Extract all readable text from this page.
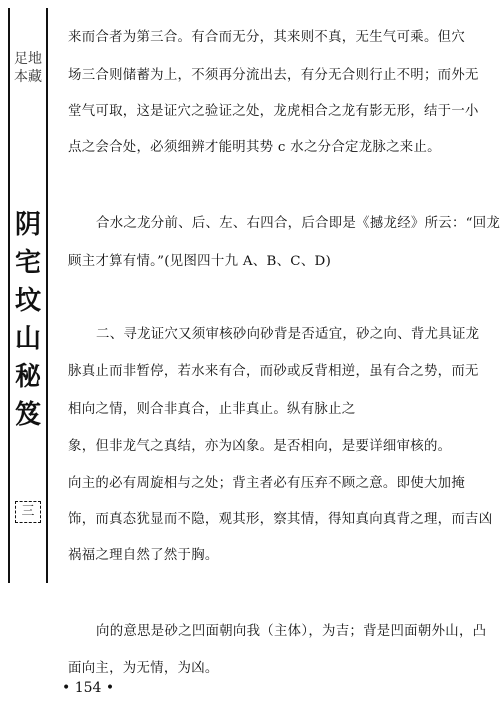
足地
本藏
阴
宅
坟
山
秘
笈
三
来而合者为第三合。有合而无分，其来则不真，无生气可乘。但穴
场三合则储蓄为上，不须再分流出去，有分无合则行止不明；而外无
堂气可取，这是证穴之验证之处，龙虎相合之龙有影无形，结于一小
点之会合处，必须细辨才能明其势 c 水之分合定龙脉之来止。
合水之龙分前、后、左、右四合，后合即是《撼龙经》所云：“回龙
顾主才算有情。”(见图四十九 A、B、C、D)
二、寻龙证穴又须审核砂向砂背是否适宜，砂之向、背尤具证龙
脉真止而非暂停，若水来有合，而砂或反背相逆，虽有合之势，而无
相向之情，则合非真合，止非真止。纵有脉止之
象，但非龙气之真结，亦为凶象。是否相向，是要详细审核的。
向主的必有周旋相与之处；背主者必有压弃不顾之意。即使大加掩
饰，而真态犹显而不隐，观其形，察其情，得知真向真背之理，而吉凶
祸福之理自然了然于胸。
向的意思是砂之凹面朝向我（主体），为吉；背是凹面朝外山，凸
面向主，为无情，为凶。
• 154 •
